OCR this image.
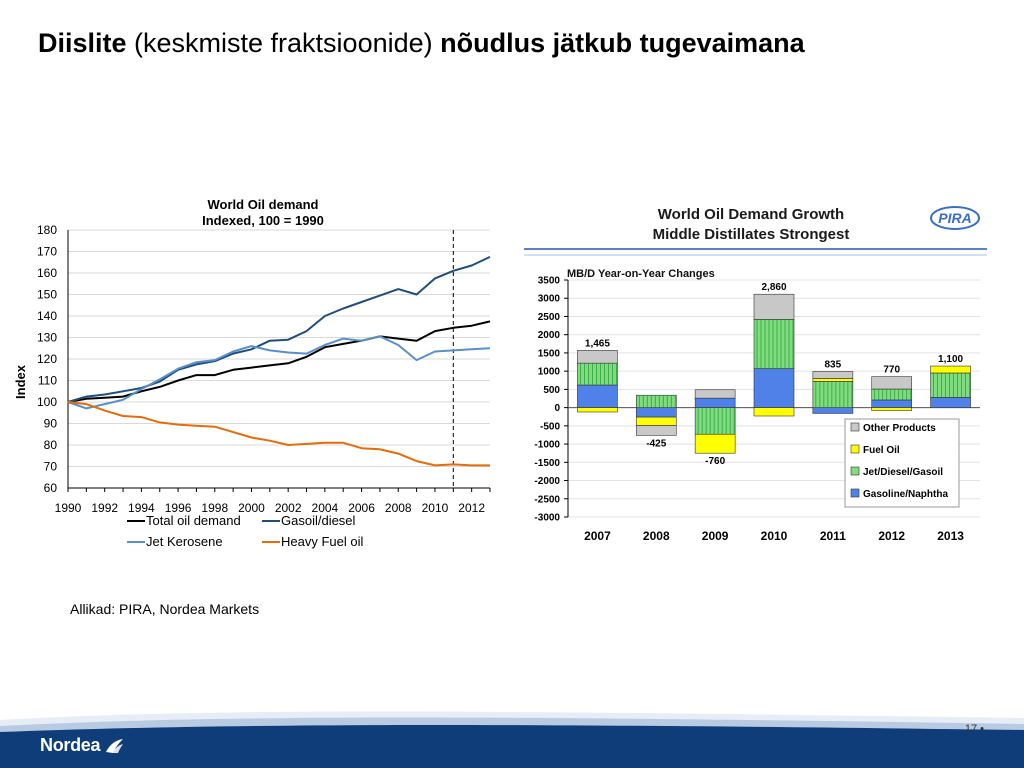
Diislite (keskmiste fraktsioonide) nõudlus jätkub tugevaimana
World Oil demand
Indexed, 100 = 1990
60
70
80
90
100
110
120
130
140
150
160
170
180
1990 1992 1994 1996 1998 2000 2002 2004 2006 2008 2010 2012
Index
Total oil demand	Gasoil/diesel
Jet Kerosene	Heavy Fuel oil
World Oil Demand Growth
Middle Distillates Strongest
PIRA
MB/D Year-on-Year Changes
3500
3000
2500
2000
1500
1000
500
0
-500
-1000
-1500
-2000
-2500
-3000
1,465
-425
-760
2,860
835	770
1,100
2007	2008	2009	2010	2011	2012	2013
Other Products
Fuel Oil
Jet/Diesel/Gasoil
Gasoline/Naphtha
Allikad: PIRA, Nordea Markets
17 •
Nordea
